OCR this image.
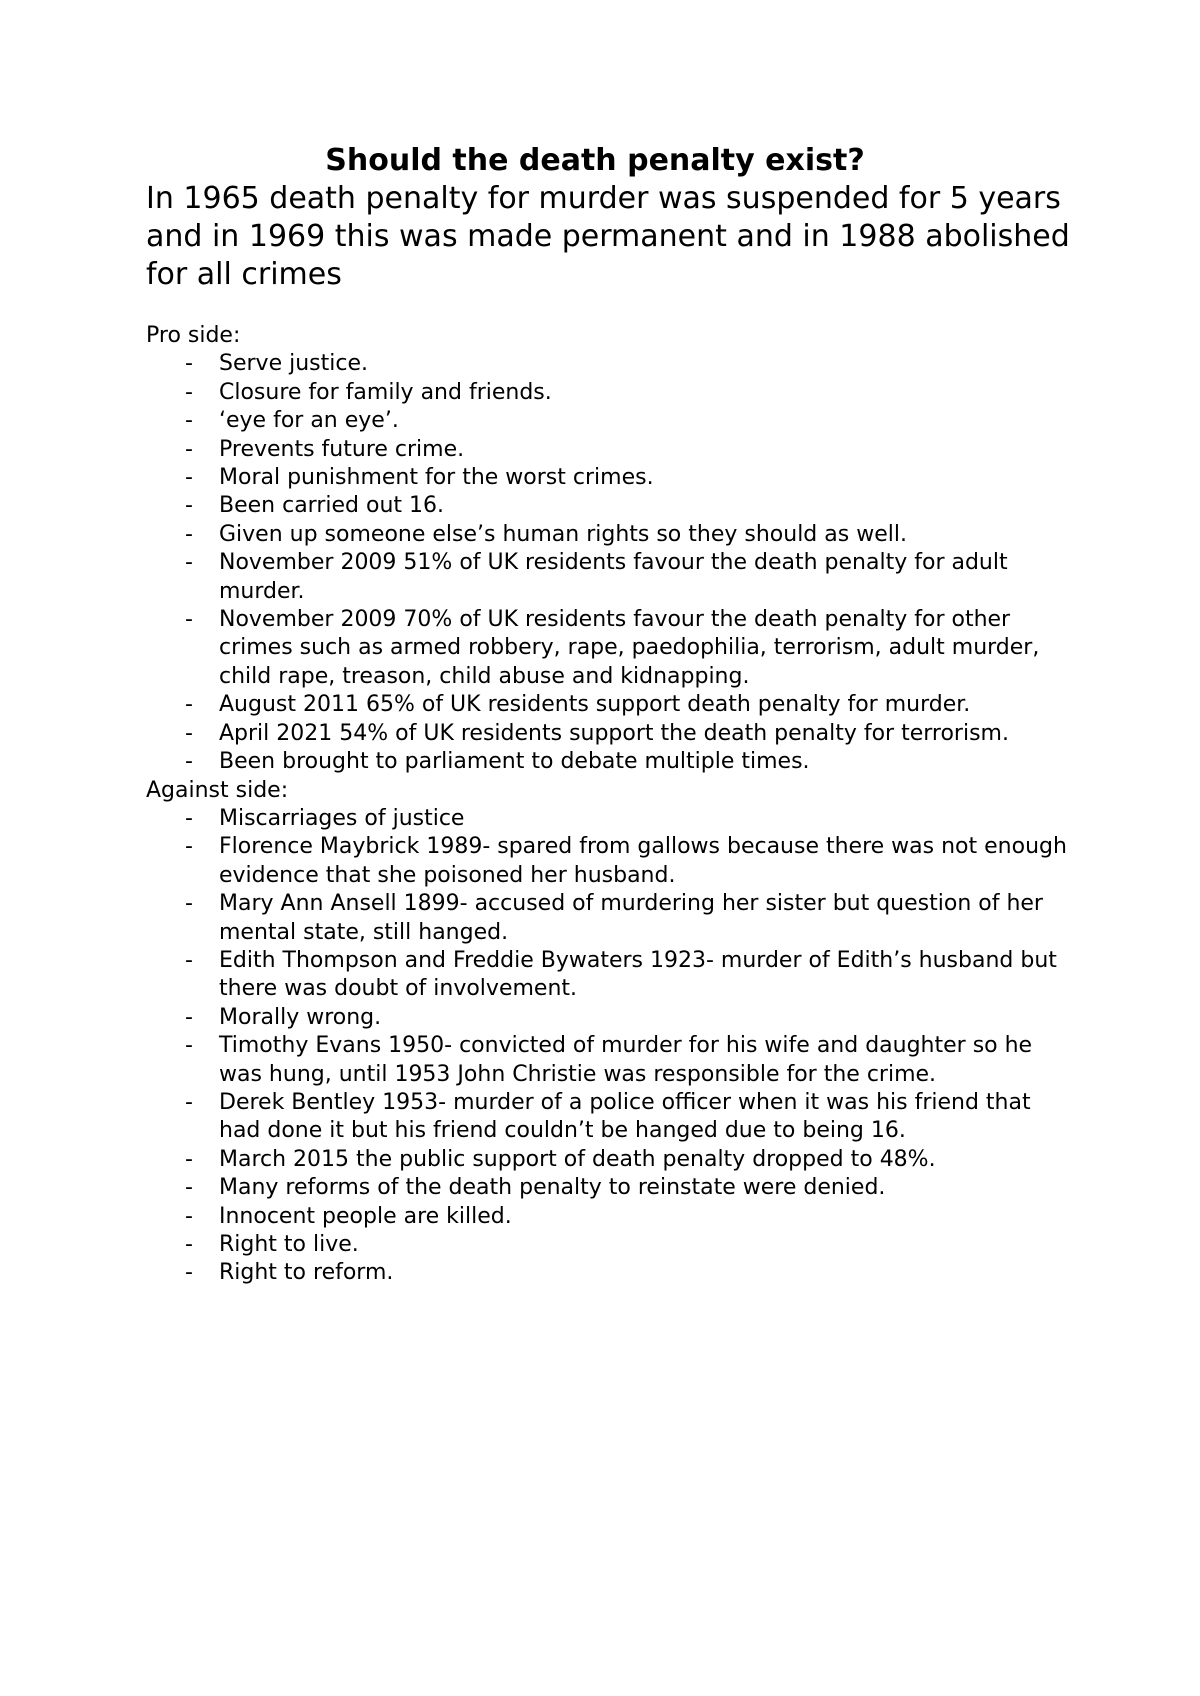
Should the death penalty exist?

In 1965 death penalty for murder was suspended for 5 years and in 1969 this was made permanent and in 1988 abolished for all crimes

Pro side:

- Serve justice.
- Closure for family and friends.
- ‘eye for an eye’.
- Prevents future crime.
- Moral punishment for the worst crimes.
- Been carried out 16.
- Given up someone else’s human rights so they should as well.
- November 2009 51% of UK residents favour the death penalty for adult murder.
- November 2009 70% of UK residents favour the death penalty for other crimes such as armed robbery, rape, paedophilia, terrorism, adult murder, child rape, treason, child abuse and kidnapping.
- August 2011 65% of UK residents support death penalty for murder.
- April 2021 54% of UK residents support the death penalty for terrorism.
- Been brought to parliament to debate multiple times.

Against side:

- Miscarriages of justice
- Florence Maybrick 1989- spared from gallows because there was not enough evidence that she poisoned her husband.
- Mary Ann Ansell 1899- accused of murdering her sister but question of her mental state, still hanged.
- Edith Thompson and Freddie Bywaters 1923- murder of Edith’s husband but there was doubt of involvement.
- Morally wrong.
- Timothy Evans 1950- convicted of murder for his wife and daughter so he was hung, until 1953 John Christie was responsible for the crime.
- Derek Bentley 1953- murder of a police officer when it was his friend that had done it but his friend couldn’t be hanged due to being 16.
- March 2015 the public support of death penalty dropped to 48%.
- Many reforms of the death penalty to reinstate were denied.
- Innocent people are killed.
- Right to live.
- Right to reform.
